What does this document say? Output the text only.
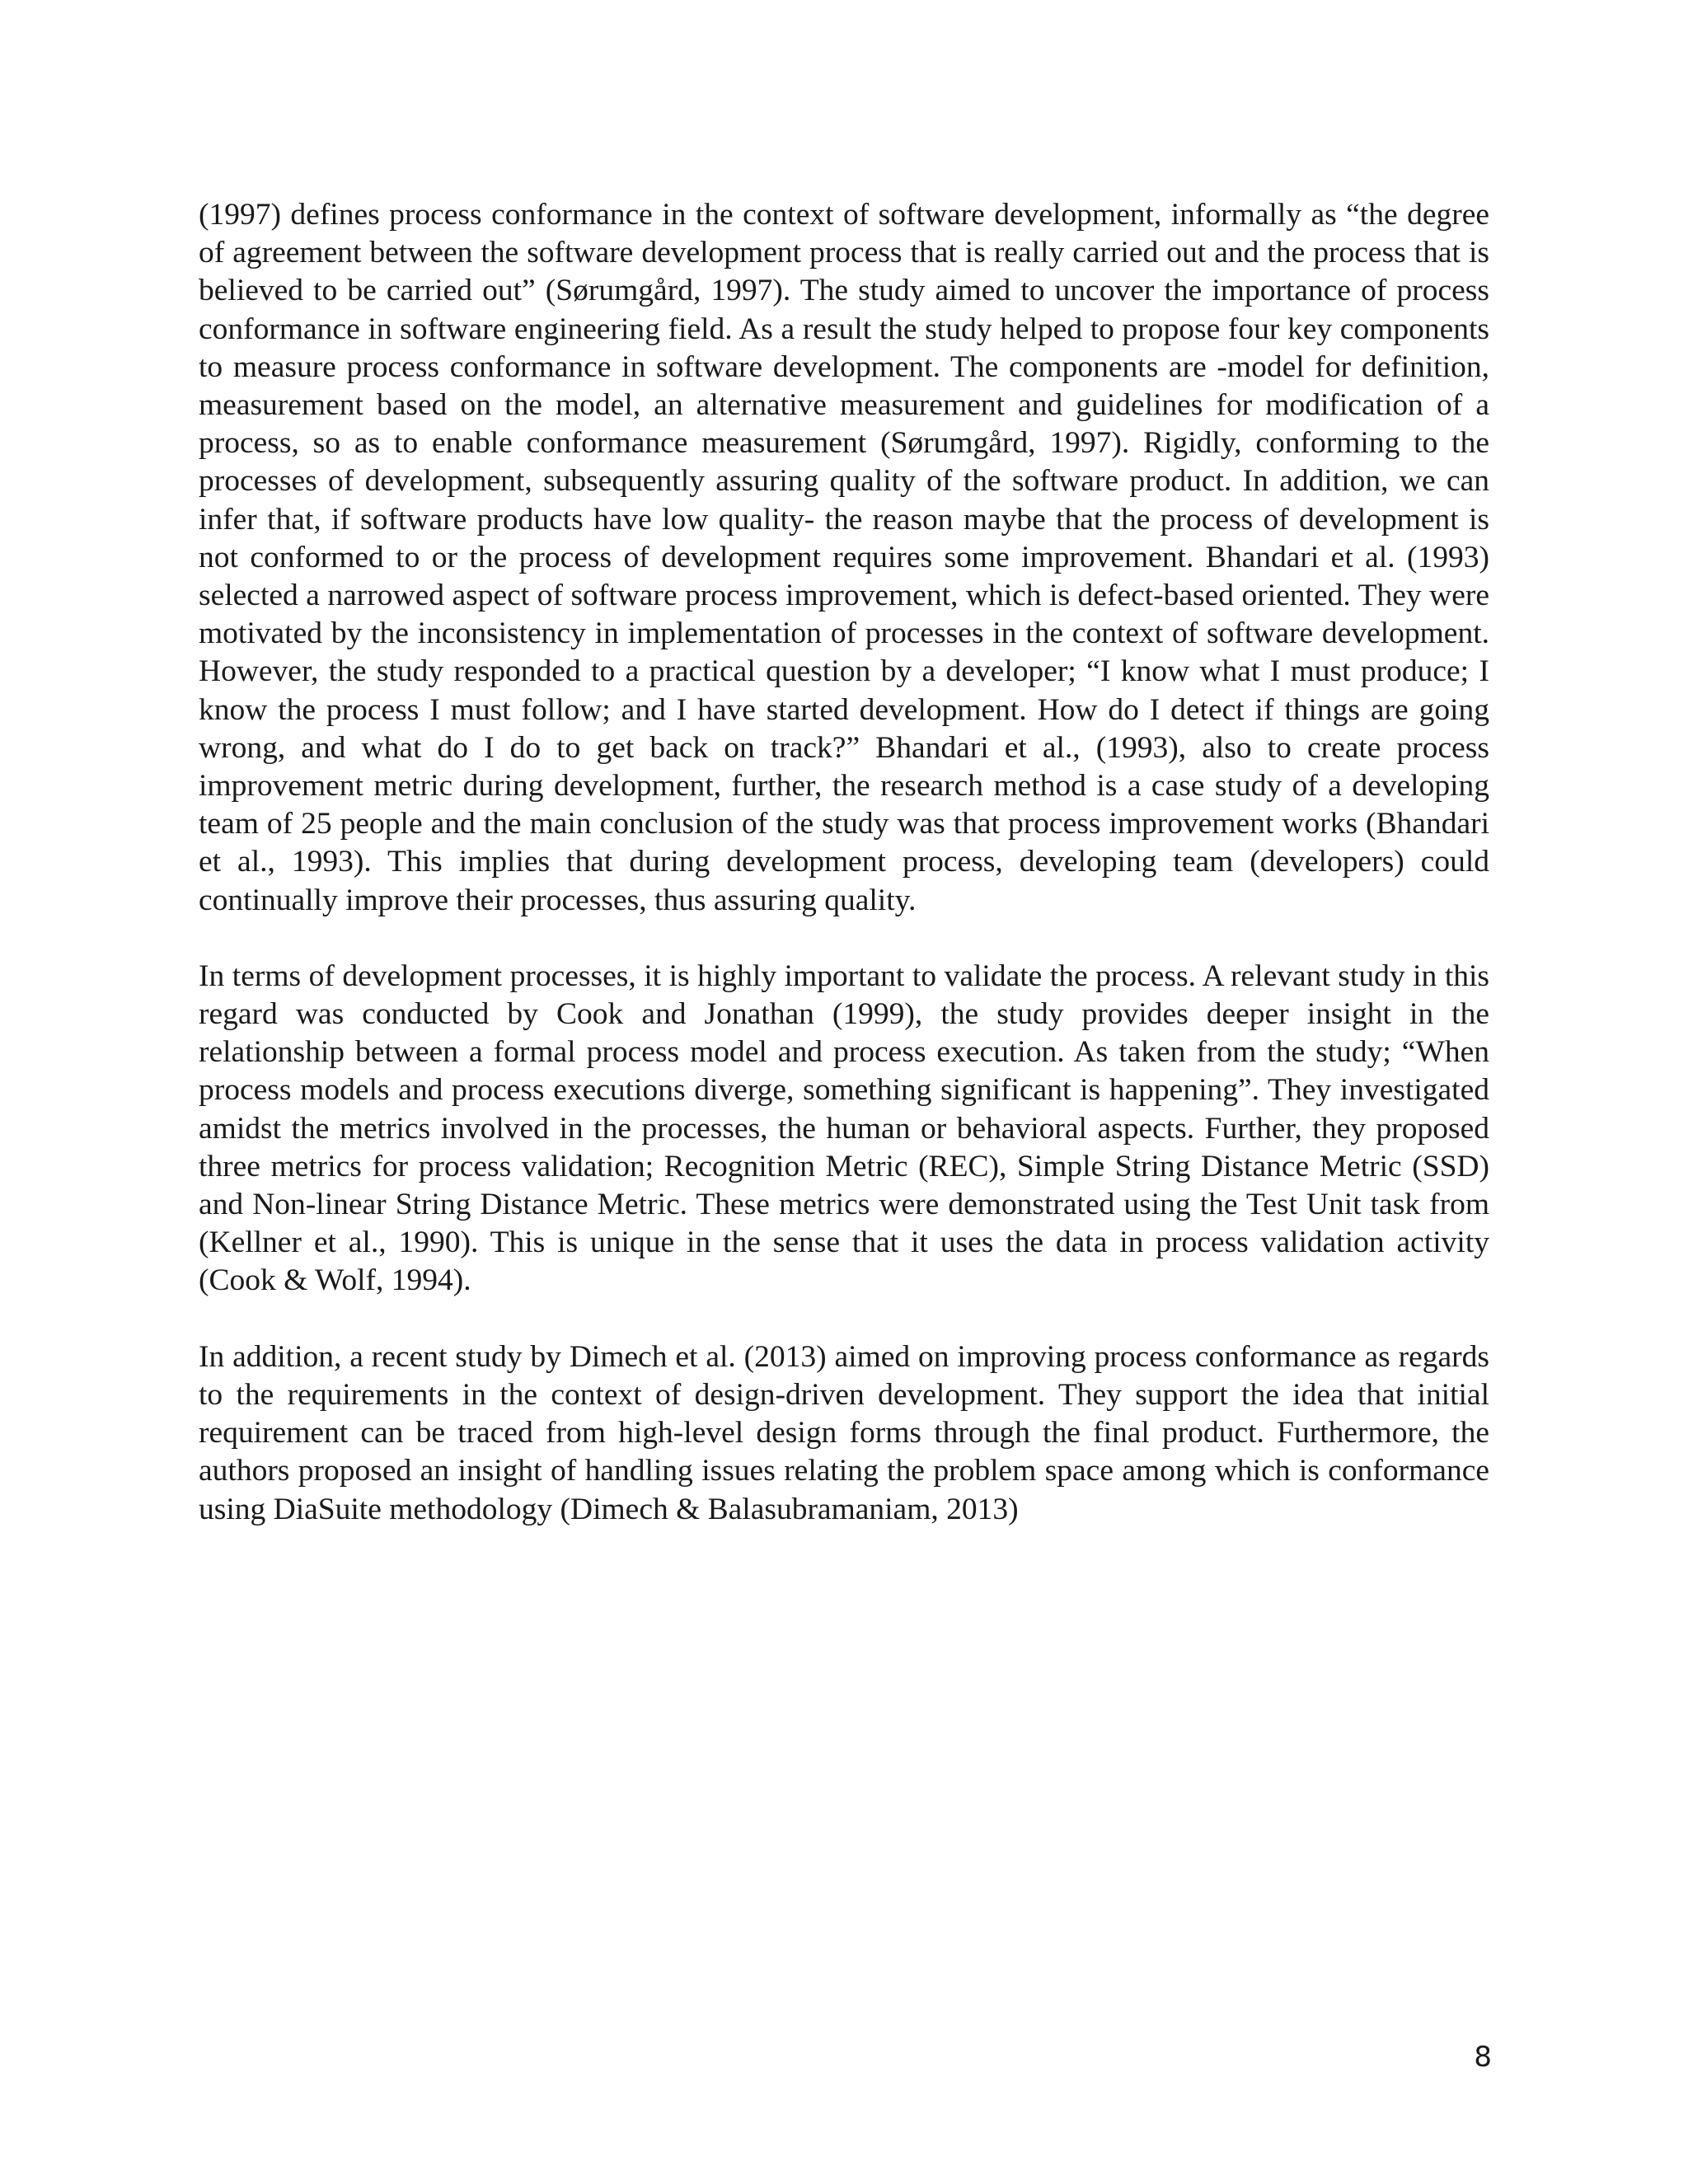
(1997) defines process conformance in the context of software development, informally as “the degree of agreement between the software development process that is really carried out and the process that is believed to be carried out” (Sørumgård, 1997). The study aimed to uncover the importance of process conformance in software engineering field. As a result the study helped to propose four key components to measure process conformance in software development. The components are -model for definition, measurement based on the model, an alternative measurement and guidelines for modification of a process, so as to enable conformance measurement (Sørumgård, 1997). Rigidly, conforming to the processes of development, subsequently assuring quality of the software product. In addition, we can infer that, if software products have low quality- the reason maybe that the process of development is not conformed to or the process of development requires some improvement. Bhandari et al. (1993) selected a narrowed aspect of software process improvement, which is defect-based oriented. They were motivated by the inconsistency in implementation of processes in the context of software development. However, the study responded to a practical question by a developer; “I know what I must produce; I know the process I must follow; and I have started development. How do I detect if things are going wrong, and what do I do to get back on track?” Bhandari et al., (1993), also to create process improvement metric during development, further, the research method is a case study of a developing team of 25 people and the main conclusion of the study was that process improvement works (Bhandari et al., 1993). This implies that during development process, developing team (developers) could continually improve their processes, thus assuring quality.

In terms of development processes, it is highly important to validate the process. A relevant study in this regard was conducted by Cook and Jonathan (1999), the study provides deeper insight in the relationship between a formal process model and process execution. As taken from the study; “When process models and process executions diverge, something significant is happening”. They investigated amidst the metrics involved in the processes, the human or behavioral aspects. Further, they proposed three metrics for process validation; Recognition Metric (REC), Simple String Distance Metric (SSD) and Non-linear String Distance Metric. These metrics were demonstrated using the Test Unit task from (Kellner et al., 1990). This is unique in the sense that it uses the data in process validation activity (Cook & Wolf, 1994).

In addition, a recent study by Dimech et al. (2013) aimed on improving process conformance as regards to the requirements in the context of design-driven development. They support the idea that initial requirement can be traced from high-level design forms through the final product. Furthermore, the authors proposed an insight of handling issues relating the problem space among which is conformance using DiaSuite methodology (Dimech & Balasubramaniam, 2013)

8
